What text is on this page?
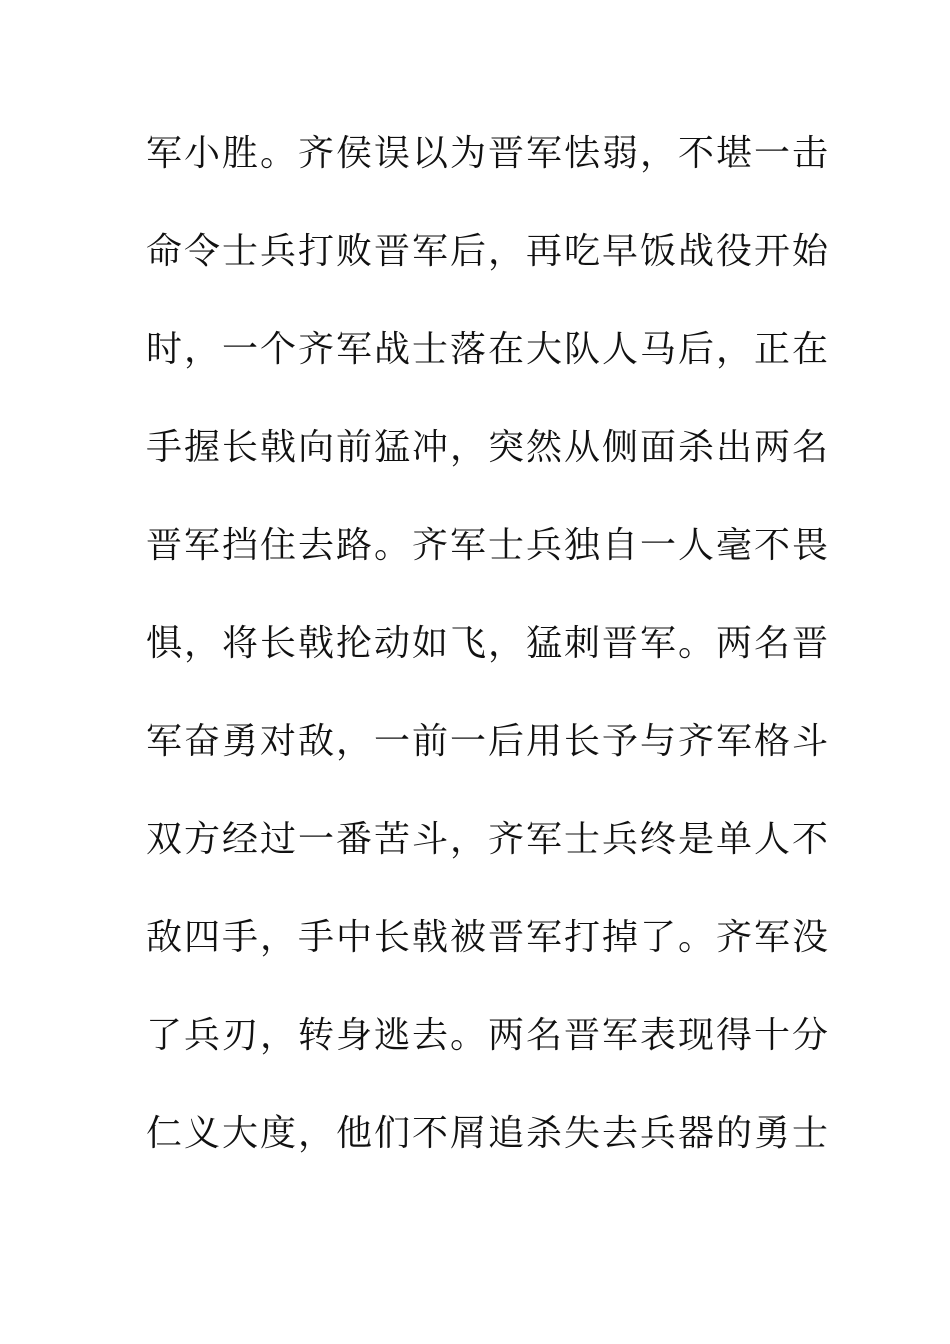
军小胜。齐侯误以为晋军怯弱，不堪一击
命令士兵打败晋军后，再吃早饭战役开始
时，一个齐军战士落在大队人马后，正在
手握长戟向前猛冲，突然从侧面杀出两名
晋军挡住去路。齐军士兵独自一人毫不畏
惧，将长戟抡动如飞，猛刺晋军。两名晋
军奋勇对敌，一前一后用长予与齐军格斗
双方经过一番苦斗，齐军士兵终是单人不
敌四手，手中长戟被晋军打掉了。齐军没
了兵刃，转身逃去。两名晋军表现得十分
仁义大度，他们不屑追杀失去兵器的勇士
